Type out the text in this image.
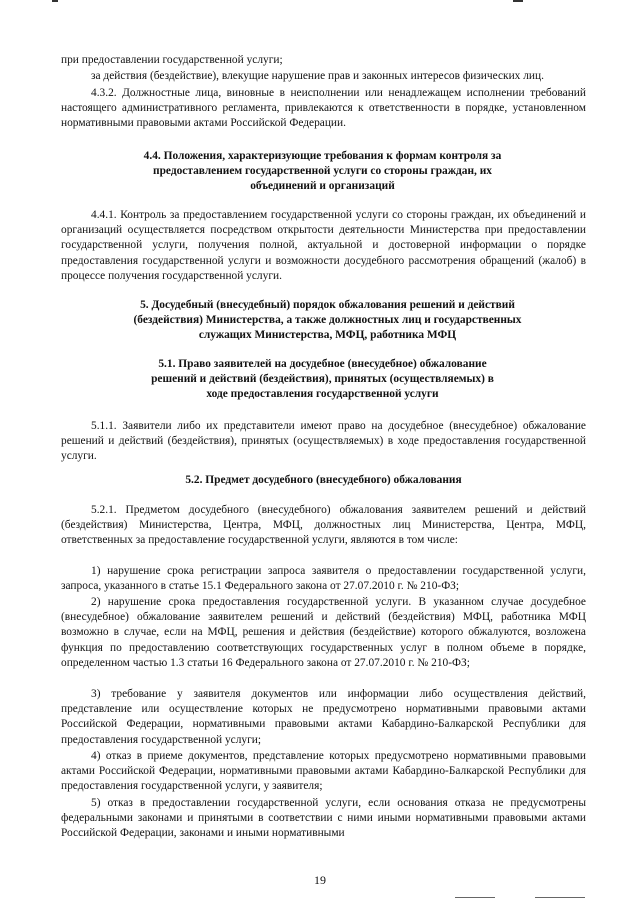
при предоставлении государственной услуги;

за действия (бездействие), влекущие нарушение прав и законных интересов физических лиц.

4.3.2. Должностные лица, виновные в неисполнении или ненадлежащем исполнении требований настоящего административного регламента, привлекаются к ответственности в порядке, установленном нормативными правовыми актами Российской Федерации.

4.4. Положения, характеризующие требования к формам контроля за предоставлением государственной услуги со стороны граждан, их объединений и организаций

4.4.1. Контроль за предоставлением государственной услуги со стороны граждан, их объединений и организаций осуществляется посредством открытости деятельности Министерства при предоставлении государственной услуги, получения полной, актуальной и достоверной информации о порядке предоставления государственной услуги и возможности досудебного рассмотрения обращений (жалоб) в процессе получения государственной услуги.

5. Досудебный (внесудебный) порядок обжалования решений и действий (бездействия) Министерства, а также должностных лиц и государственных служащих Министерства, МФЦ, работника МФЦ

5.1. Право заявителей на досудебное (внесудебное) обжалование решений и действий (бездействия), принятых (осуществляемых) в ходе предоставления государственной услуги

5.1.1. Заявители либо их представители имеют право на досудебное (внесудебное) обжалование решений и действий (бездействия), принятых (осуществляемых) в ходе предоставления государственной услуги.

5.2. Предмет досудебного (внесудебного) обжалования

5.2.1. Предметом досудебного (внесудебного) обжалования заявителем решений и действий (бездействия) Министерства, Центра, МФЦ, должностных лиц Министерства, Центра, МФЦ, ответственных за предоставление государственной услуги, являются в том числе:

1) нарушение срока регистрации запроса заявителя о предоставлении государственной услуги, запроса, указанного в статье 15.1 Федерального закона от 27.07.2010 г. № 210-ФЗ;

2) нарушение срока предоставления государственной услуги. В указанном случае досудебное (внесудебное) обжалование заявителем решений и действий (бездействия) МФЦ, работника МФЦ возможно в случае, если на МФЦ, решения и действия (бездействие) которого обжалуются, возложена функция по предоставлению соответствующих государственных услуг в полном объеме в порядке, определенном частью 1.3 статьи 16 Федерального закона от 27.07.2010 г. № 210-ФЗ;

3) требование у заявителя документов или информации либо осуществления действий, представление или осуществление которых не предусмотрено нормативными правовыми актами Российской Федерации, нормативными правовыми актами Кабардино-Балкарской Республики для предоставления государственной услуги;

4) отказ в приеме документов, представление которых предусмотрено нормативными правовыми актами Российской Федерации, нормативными правовыми актами Кабардино-Балкарской Республики для предоставления государственной услуги, у заявителя;

5) отказ в предоставлении государственной услуги, если основания отказа не предусмотрены федеральными законами и принятыми в соответствии с ними иными нормативными правовыми актами Российской Федерации, законами и иными нормативными

19
